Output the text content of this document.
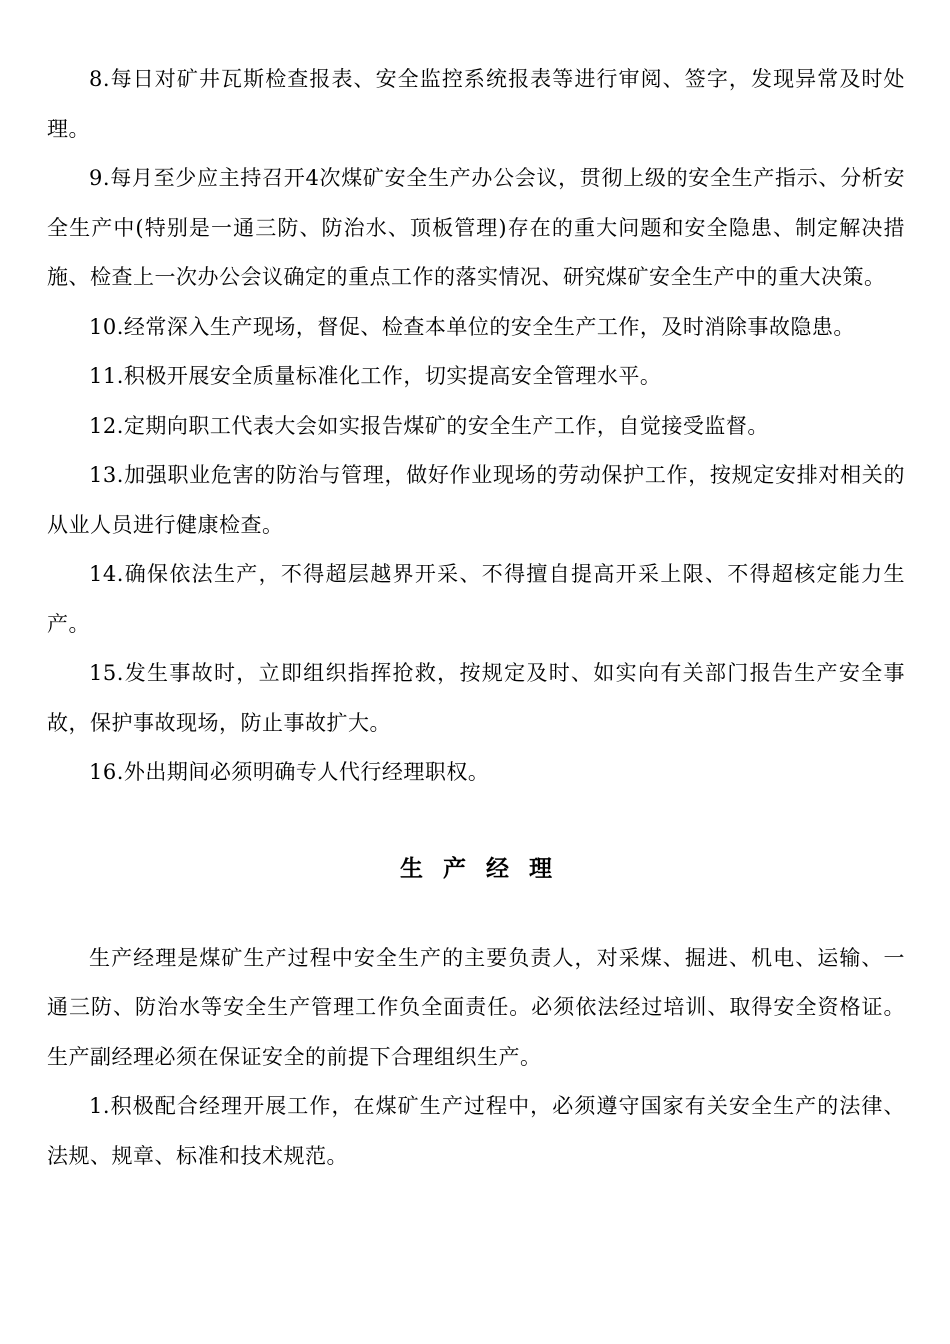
8.每日对矿井瓦斯检查报表、安全监控系统报表等进行审阅、签字，发现异常及时处理。

9.每月至少应主持召开4次煤矿安全生产办公会议，贯彻上级的安全生产指示、分析安全生产中(特别是一通三防、防治水、顶板管理)存在的重大问题和安全隐患、制定解决措施、检查上一次办公会议确定的重点工作的落实情况、研究煤矿安全生产中的重大决策。

10.经常深入生产现场，督促、检查本单位的安全生产工作，及时消除事故隐患。

11.积极开展安全质量标准化工作，切实提高安全管理水平。

12.定期向职工代表大会如实报告煤矿的安全生产工作，自觉接受监督。

13.加强职业危害的防治与管理，做好作业现场的劳动保护工作，按规定安排对相关的从业人员进行健康检查。

14.确保依法生产，不得超层越界开采、不得擅自提高开采上限、不得超核定能力生产。

15.发生事故时，立即组织指挥抢救，按规定及时、如实向有关部门报告生产安全事故，保护事故现场，防止事故扩大。

16.外出期间必须明确专人代行经理职权。

生产经理

生产经理是煤矿生产过程中安全生产的主要负责人，对采煤、掘进、机电、运输、一通三防、防治水等安全生产管理工作负全面责任。必须依法经过培训、取得安全资格证。生产副经理必须在保证安全的前提下合理组织生产。

1.积极配合经理开展工作，在煤矿生产过程中，必须遵守国家有关安全生产的法律、法规、规章、标准和技术规范。
